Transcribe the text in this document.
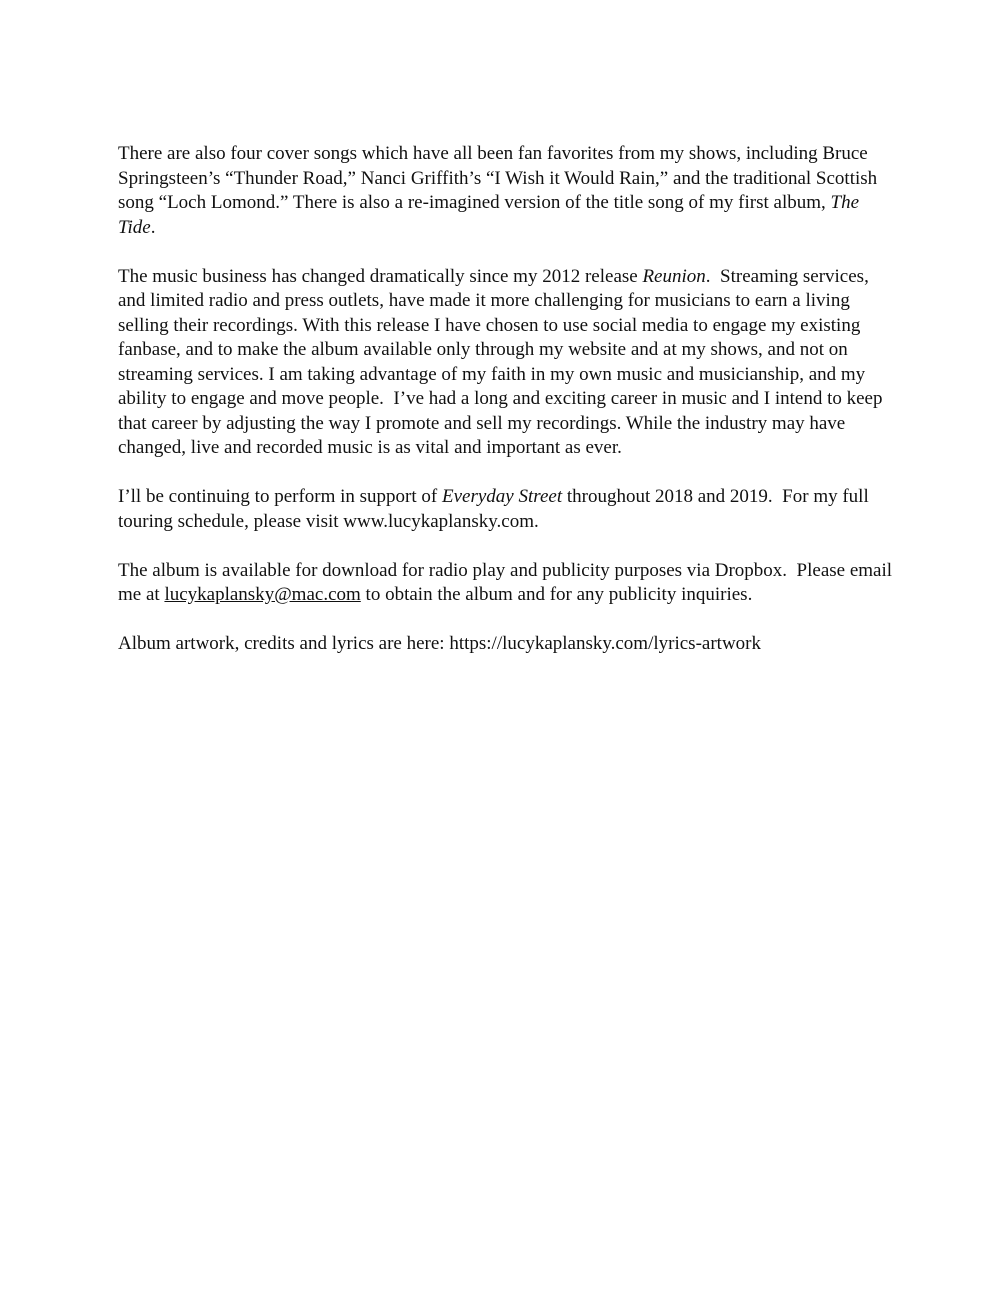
There are also four cover songs which have all been fan favorites from my shows, including Bruce Springsteen’s “Thunder Road,” Nanci Griffith’s “I Wish it Would Rain,” and the traditional Scottish song “Loch Lomond.” There is also a re-imagined version of the title song of my first album, The Tide.

The music business has changed dramatically since my 2012 release Reunion.  Streaming services, and limited radio and press outlets, have made it more challenging for musicians to earn a living selling their recordings. With this release I have chosen to use social media to engage my existing fanbase, and to make the album available only through my website and at my shows, and not on streaming services. I am taking advantage of my faith in my own music and musicianship, and my ability to engage and move people.  I’ve had a long and exciting career in music and I intend to keep that career by adjusting the way I promote and sell my recordings. While the industry may have changed, live and recorded music is as vital and important as ever.

I’ll be continuing to perform in support of Everyday Street throughout 2018 and 2019.  For my full touring schedule, please visit www.lucykaplansky.com.

The album is available for download for radio play and publicity purposes via Dropbox.  Please email me at lucykaplansky@mac.com to obtain the album and for any publicity inquiries.

Album artwork, credits and lyrics are here: https://lucykaplansky.com/lyrics-artwork
